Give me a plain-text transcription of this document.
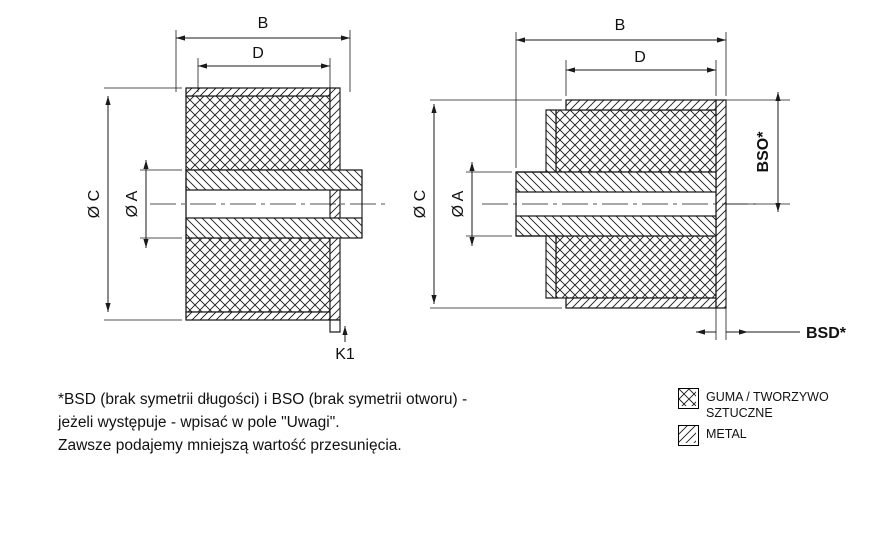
B
D
Ø C Ø A
K1
B
D
Ø C Ø A
BSO*
BSD*
*BSD (brak symetrii długości) i BSO (brak symetrii otworu) -
jeżeli występuje - wpisać w pole "Uwagi".
Zawsze podajemy mniejszą wartość przesunięcia.
GUMA / TWORZYWO
SZTUCZNE
METAL
